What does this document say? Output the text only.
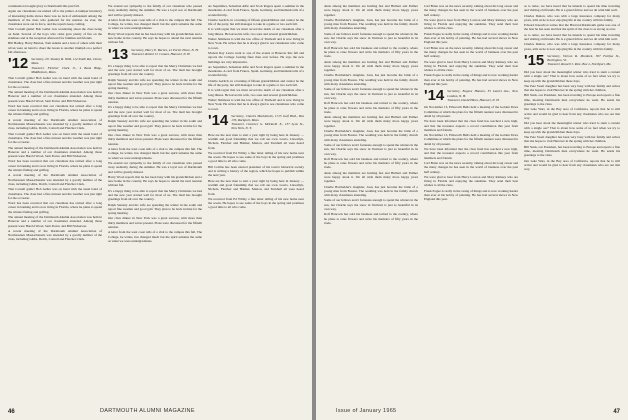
continuation brought glory to Dartmouth this past fall.

Again our classmates are rushed off to the printer. A bumper inventory of interesting items shows there was no lack of enthusiasm among the members of the class who gathered for the reunion. As ever, the classmates were out in force, and the reports keep coming.

That Cornell game! Bob Geller was wondering about the class being on hand. Several of the boys who came gave plenty of fun on the sidelines and at the reception afterward for families and friends.

Bill Hadley, Harry Buxton, Tom Adams and a host of others with their wives were on hand to cheer the Green to another triumph on a perfect fall afternoon.

'12 Secretary, Dr. Stanley R. Wild, 114 Smith Rd., Dover, Mass.
Treasurer, Fletcher Clark Jr., 4 Bank Bldg., Middletown, Mass.

That Cornell game! Bob Geller was on hand with the usual band of classmates. The class had a fine turnout and the weather was just right for the occasion.

The annual meeting of the Dartmouth Alumni Association was held in Hanover and a number of our classmates attended. Among those present were Harold Wood, Sam Porter, and Bill Nickerson.

Word has been received that our classmate has retired after a long career in banking and is now living in Florida, where he plans to spend the winters fishing and golfing.

A recent meeting of the Dartmouth Alumni Association of Northeastern Massachusetts was attended by a goodly number of the class, including Gibbs, Dolch, Cottrell and Fletcher Clark.

That Cornell game! Bob Geller was on hand with the usual band of classmates. The class had a fine turnout and the weather was just right for the occasion.

The annual meeting of the Dartmouth Alumni Association was held in Hanover and a number of our classmates attended. Among those present were Harold Wood, Sam Porter, and Bill Nickerson.

Word has been received that our classmate has retired after a long career in banking and is now living in Florida, where he plans to spend the winters fishing and golfing.

A recent meeting of the Dartmouth Alumni Association of Northeastern Massachusetts was attended by a goodly number of the class, including Gibbs, Dolch, Cottrell and Fletcher Clark.

That Cornell game! Bob Geller was on hand with the usual band of classmates. The class had a fine turnout and the weather was just right for the occasion.

Word has been received that our classmate has retired after a long career in banking and is now living in Florida, where he plans to spend the winters fishing and golfing.

The annual meeting of the Dartmouth Alumni Association was held in Hanover and a number of our classmates attended. Among those present were Harold Wood, Sam Porter, and Bill Nickerson.

A recent meeting of the Dartmouth Alumni Association of Northeastern Massachusetts was attended by a goodly number of the class, including Gibbs, Dolch, Cottrell and Fletcher Clark.

We extend our sympathy to the family of our classmate who passed away suddenly during the summer. He was a loyal son of Dartmouth and will be greatly missed.

A letter from the west coast tells of a visit to the campus this fall. The College, he writes, has changed much but the spirit remains the same as when we were undergraduates.

Harry Wood reports that he has been busy with his grandchildren and a new home in the country. He says he hopes to attend the next reunion without fail.

'13 Secretary, Harry E. Barnes, 41 Porter Place, N. H.
Treasurer, Robert O. Conant, Hanover, N. H.

It's a happy thing to be able to report that the Merry Christmas we had and the new year started well for most of us. The mail has brought greetings from all over the country.

Ralph Sanusty and his wife are spending the winter in the south and report fine weather and good golf. They plan to be back in time for the spring meeting.

Our class dinner in New York was a great success, with more than thirty members and wives present. Plans were discussed for the fiftieth reunion.

It's a happy thing to be able to report that the Merry Christmas we had and the new year started well for most of us. The mail has brought greetings from all over the country.

Ralph Sanusty and his wife are spending the winter in the south and report fine weather and good golf. They plan to be back in time for the spring meeting.

Our class dinner in New York was a great success, with more than thirty members and wives present. Plans were discussed for the fiftieth reunion.

A letter from the west coast tells of a visit to the campus this fall. The College, he writes, has changed much but the spirit remains the same as when we were undergraduates.

We extend our sympathy to the family of our classmate who passed away suddenly during the summer. He was a loyal son of Dartmouth and will be greatly missed.

Harry Wood reports that he has been busy with his grandchildren and a new home in the country. He says he hopes to attend the next reunion without fail.

It's a happy thing to be able to report that the Merry Christmas we had and the new year started well for most of us. The mail has brought greetings from all over the country.

Ralph Sanusty and his wife are spending the winter in the south and report fine weather and good golf. They plan to be back in time for the spring meeting.

Our class dinner in New York was a great success, with more than thirty members and wives present. Plans were discussed for the fiftieth reunion.

A letter from the west coast tells of a visit to the campus this fall. The College, he writes, has changed much but the spirit remains the same as when we were undergraduates.

As September, Sebastian Alfie and Scott Rogers spent a summer in the mountains. A card from France, Spain, Germany, and Denmark tells of a wonderful trip.

Charlie Gerlich, in a burning of fifteen grandchildren and cannot be the life of the party, but still manages to take in a game or two each fall.

It is with regret that we must record the death of our classmate after a long illness. He leaves his wife, two sons and several grandchildren.

Walter Simmons is with the law office of Tindwell and is now living in New York. He writes that he is always glad to see classmates who come to town.

Modest Ray Lewis went to one of the events at Hanover this fall and reports the College looking finer than ever before. He says the new buildings are very impressive.

As September, Sebastian Alfie and Scott Rogers spent a summer in the mountains. A card from France, Spain, Germany, and Denmark tells of a wonderful trip.

Charlie Gerlich, in a burning of fifteen grandchildren and cannot be the life of the party, but still manages to take in a game or two each fall.

It is with regret that we must record the death of our classmate after a long illness. He leaves his wife, two sons and several grandchildren.

Walter Simmons is with the law office of Tindwell and is now living in New York. He writes that he is always glad to see classmates who come to town.

'14 Secretary, Charles Mackintosh, 1715 Gulf Blvd., Box 176, Rockport, Mass.
Treasurer, Clarence G. McDavitt Jr., 137 Lyon St., New York, N. Y.

Here are the new men to start a year right by being here in January — warmth and good friendship that we call our own. Lewis, Llewellyn, Nichols, Fletcher and Halmer, Marion, and Turnbull all were heard from.

We received from Ed Willey a fine letter telling of his new home near the ocean. He hopes to see some of the boys in the spring and promises a good time to all who come.

Bill Collins has been elected president of his town's historical society and is writing a history of the region, which he hopes to publish within the next year.

Here are the new men to start a year right by being here in January — warmth and good friendship that we call our own. Lewis, Llewellyn, Nichols, Fletcher and Halmer, Marion, and Turnbull all were heard from.

We received from Ed Willey a fine letter telling of his new home near the ocean. He hopes to see some of the boys in the spring and promises a good time to all who come.

46	DARTMOUTH ALUMNI MAGAZINE

dents among the members are holding fast and Hulbert and Palmer were happy about it. We all wish them many more happy years together.

Charlie Batchelder's daughter, Joan, has just become the bride of a young man from Boston. The wedding was held in the family church with many classmates attending.

Some of our fellows aren't fortunate enough to spend the winters in the sun, but Charlie says the snow in Vermont is just as beautiful in its own way.

Rolf Hancock has sold his business and retired to the country, where he plans to raise flowers and write his memoirs of fifty years in the trade.

dents among the members are holding fast and Hulbert and Palmer were happy about it. We all wish them many more happy years together.

Charlie Batchelder's daughter, Joan, has just become the bride of a young man from Boston. The wedding was held in the family church with many classmates attending.

Some of our fellows aren't fortunate enough to spend the winters in the sun, but Charlie says the snow in Vermont is just as beautiful in its own way.

Rolf Hancock has sold his business and retired to the country, where he plans to raise flowers and write his memoirs of fifty years in the trade.

dents among the members are holding fast and Hulbert and Palmer were happy about it. We all wish them many more happy years together.

Charlie Batchelder's daughter, Joan, has just become the bride of a young man from Boston. The wedding was held in the family church with many classmates attending.

Some of our fellows aren't fortunate enough to spend the winters in the sun, but Charlie says the snow in Vermont is just as beautiful in its own way.

Rolf Hancock has sold his business and retired to the country, where he plans to raise flowers and write his memoirs of fifty years in the trade.

dents among the members are holding fast and Hulbert and Palmer were happy about it. We all wish them many more happy years together.

Charlie Batchelder's daughter, Joan, has just become the bride of a young man from Boston. The wedding was held in the family church with many classmates attending.

Some of our fellows aren't fortunate enough to spend the winters in the sun, but Charlie says the snow in Vermont is just as beautiful in its own way.

Rolf Hancock has sold his business and retired to the country, where he plans to raise flowers and write his memoirs of fifty years in the trade.

Carl Brian was on the news recently, talking about his long career and the many changes he has seen in the world of business over the past half century.

We were glad to hear from Harry Lawton and Mary Ramsey who are living in Florida and enjoying the sunshine. They send their best wishes to all the class.

Frank Pogue is really in the swing of things and is now working harder than ever at his hobby of painting. He has had several shows in New England this year.

Carl Brian was on the news recently, talking about his long career and the many changes he has seen in the world of business over the past half century.

We were glad to hear from Harry Lawton and Mary Ramsey who are living in Florida and enjoying the sunshine. They send their best wishes to all the class.

Frank Pogue is really in the swing of things and is now working harder than ever at his hobby of painting. He has had several shows in New England this year.

'14 Secretary, Eugene Hanson, 35 Laurel Ave., New London, N. H.
Treasurer, David Hines, Hanover, N. H.

On November 13, Ellsworth Bells held a meeting of the Golden Years Committee at which the plans for the fiftieth reunion were discussed in detail by all present.

We have been informed that the class fund has reached a new high, and that the treasurer expects a record contribution this year from members and friends.

On November 13, Ellsworth Bells held a meeting of the Golden Years Committee at which the plans for the fiftieth reunion were discussed in detail by all present.

We have been informed that the class fund has reached a new high, and that the treasurer expects a record contribution this year from members and friends.

Carl Brian was on the news recently, talking about his long career and the many changes he has seen in the world of business over the past half century.

We were glad to hear from Harry Lawton and Mary Ramsey who are living in Florida and enjoying the sunshine. They send their best wishes to all the class.

Frank Pogue is really in the swing of things and is now working harder than ever at his hobby of painting. He has had several shows in New England this year.

as to retire, we have heard that he intends to spend his time traveling and visiting old friends. He is a grand fellow and we all wish him well.

Charles Dutton, who was with a large insurance company for many years, tells us he is now enjoying life in the country with his family.

Edward Knowlton writes that the Harvard-Dartmouth game was one of the best he has seen and that the spirit of the class is as strong as ever.

as to retire, we have heard that he intends to spend his time traveling and visiting old friends. He is a grand fellow and we all wish him well.

Charles Dutton, who was with a large insurance company for many years, tells us he is now enjoying life in the country with his family.

'15 Secretary, Vernon R. Murdock, 307 Fairfax St., Burlington, Vt.
Treasurer, Russell J. Rice, Box 2, Northport, Me.

Did you hear about the meaningful winter who tried to stem a current with a single oar? That is about how some of us feel when we try to keep up with the grandchildren these days.

The Pete Swett daughter has been very busy with her family and writes that she hopes to visit Hanover in the spring with her children.

Bill Stark, our President, has been traveling to Europe and reports a fine time, meeting Dartmouth men everywhere he went. He sends his greetings to the class.

Our Gale Wart, in the Bay area of California, reports that he is still active and would be glad to hear from any classmates who are out that way.

Did you hear about the meaningful winter who tried to stem a current with a single oar? That is about how some of us feel when we try to keep up with the grandchildren these days.

The Pete Swett daughter has been very busy with her family and writes that she hopes to visit Hanover in the spring with her children.

Bill Stark, our President, has been traveling to Europe and reports a fine time, meeting Dartmouth men everywhere he went. He sends his greetings to the class.

Our Gale Wart, in the Bay area of California, reports that he is still active and would be glad to hear from any classmates who are out that way.

Issue of January 1965	47
